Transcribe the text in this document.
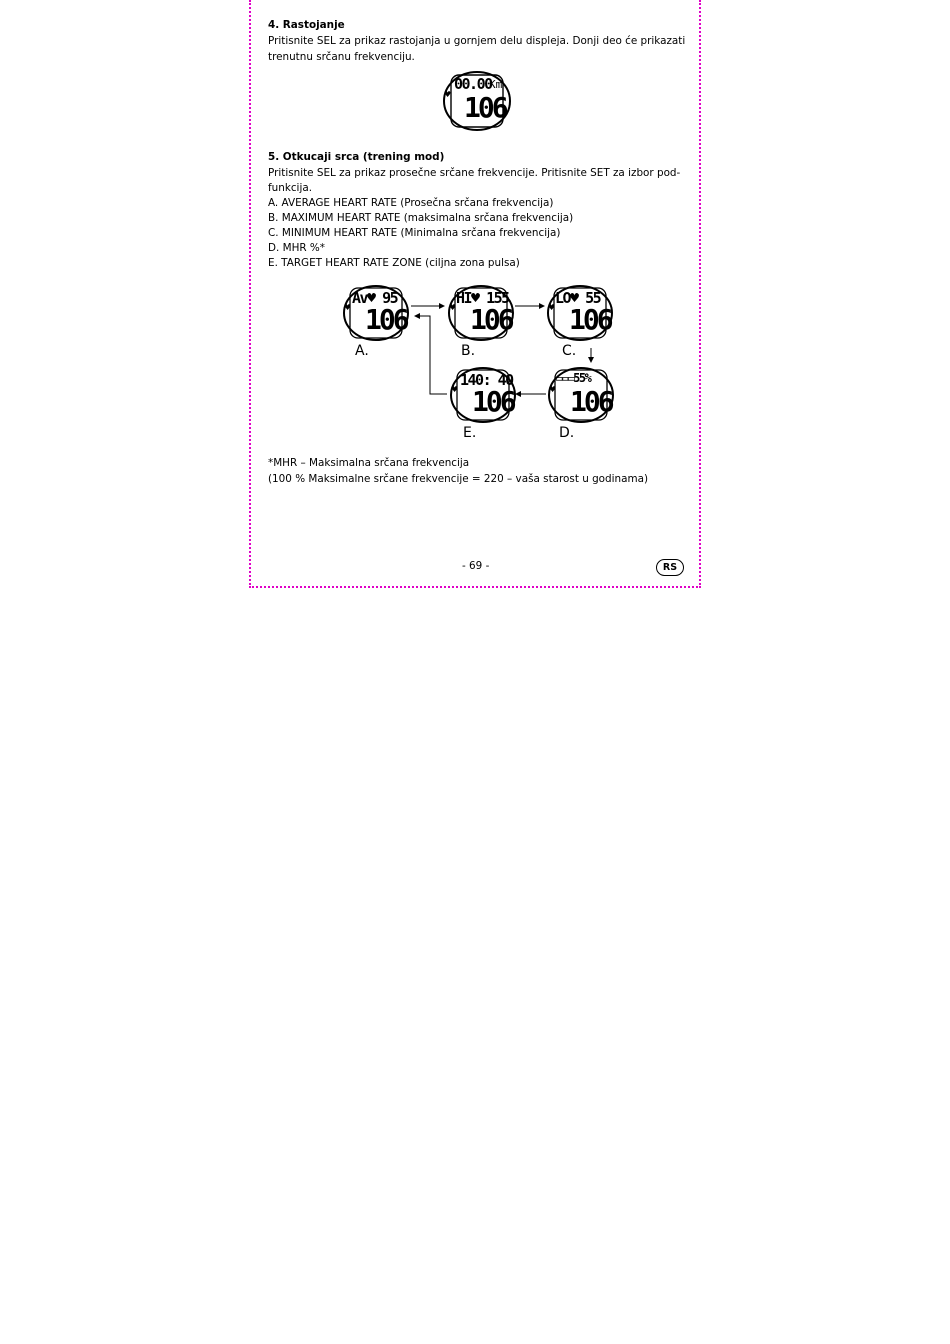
4. Rastojanje
Pritisnite SEL za prikaz rastojanja u gornjem delu displeja. Donji deo će prikazati
trenutnu srčanu frekvenciju.
♥
00.00
Km
106
5. Otkucaji srca (trening mod)
Pritisnite SEL za prikaz prosečne srčane frekvencije. Pritisnite SET za izbor pod-
funkcija.
A. AVERAGE HEART RATE (Prosečna srčana frekvencija)
B. MAXIMUM HEART RATE (maksimalna srčana frekvencija)
C. MINIMUM HEART RATE (Minimalna srčana frekvencija)
D. MHR %*
E. TARGET HEART RATE ZONE (ciljna zona pulsa)
♥
Av♥ 95
106
A.
♥
HI♥ 155
106
B.
♥
LO♥ 55
106
C.
♥
140: 40
106
E.
♥
▭▭▭55%
106
D.
*MHR – Maksimalna srčana frekvencija
(100 % Maksimalne srčane frekvencije = 220 – vaša starost u godinama)
- 69 -	RS
